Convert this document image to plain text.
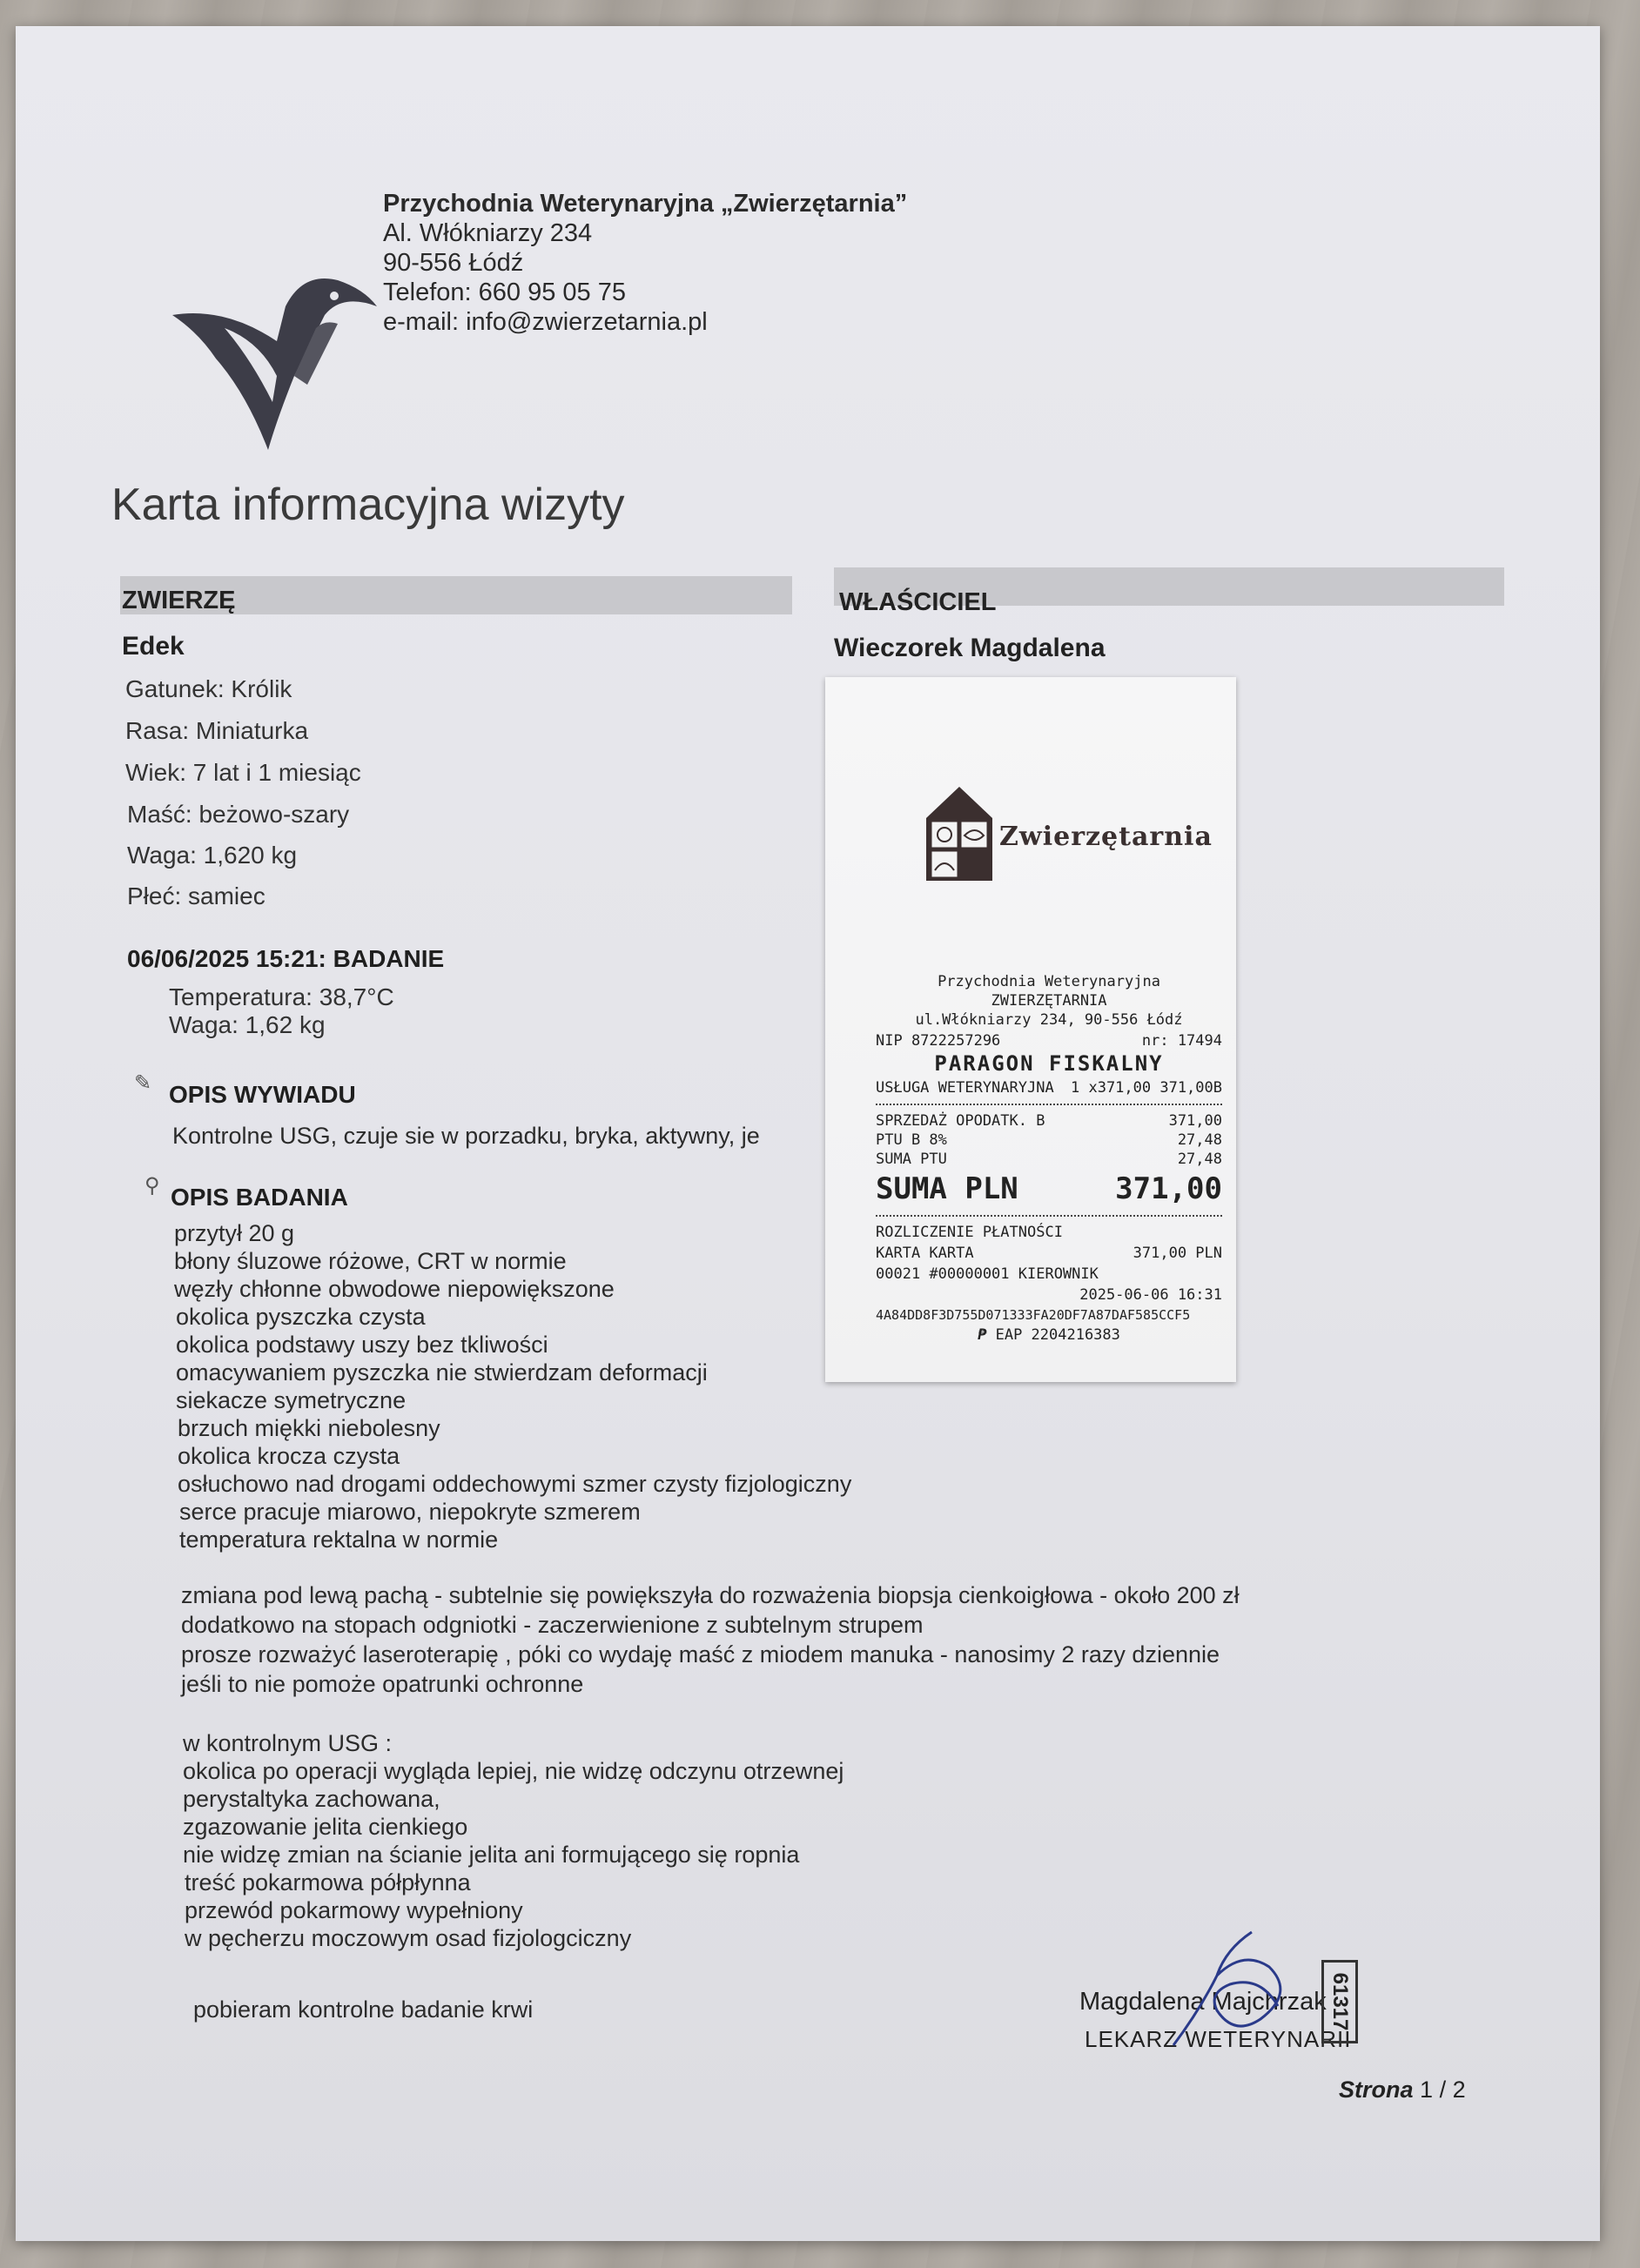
Przychodnia Weterynaryjna „Zwierzętarnia”
Al. Włókniarzy 234
90-556 Łódź
Telefon: 660 95 05 75
e-mail: info@zwierzetarnia.pl
Karta informacyjna wizyty
ZWIERZĘ	WŁAŚCICIEL
Edek
Gatunek: Królik
Rasa: Miniaturka
Wiek: 7 lat i 1 miesiąc
Maść: beżowo-szary
Waga: 1,620 kg
Płeć: samiec
Wieczorek Magdalena
06/06/2025 15:21: BADANIE
Temperatura: 38,7°C
Waga: 1,62 kg
✎ OPIS WYWIADU
Kontrolne USG, czuje sie w porzadku, bryka, aktywny, je
⚲ OPIS BADANIA
przytył 20 g
błony śluzowe różowe, CRT w normie
węzły chłonne obwodowe niepowiększone
okolica pyszczka czysta
okolica podstawy uszy bez tkliwości
omacywaniem pyszczka nie stwierdzam deformacji
siekacze symetryczne
brzuch miękki niebolesny
okolica krocza czysta
osłuchowo nad drogami oddechowymi szmer czysty fizjologiczny
serce pracuje miarowo, niepokryte szmerem
temperatura rektalna w normie
zmiana pod lewą pachą - subtelnie się powiększyła do rozważenia biopsja cienkoigłowa - około 200 zł
dodatkowo na stopach odgniotki - zaczerwienione z subtelnym strupem
prosze rozważyć laseroterapię , póki co wydaję maść z miodem manuka - nanosimy 2 razy dziennie
jeśli to nie pomoże opatrunki ochronne
w kontrolnym USG :
okolica po operacji wygląda lepiej, nie widzę odczynu otrzewnej
perystaltyka zachowana,
zgazowanie jelita cienkiego
nie widzę zmian na ścianie jelita ani formującego się ropnia
treść pokarmowa półpłynna
przewód pokarmowy wypełniony
w pęcherzu moczowym osad fizjologciczny
pobieram kontrolne badanie krwi	Magdalena Majchrzak
LEKARZ WETERYNARII
61317
Strona 1 / 2
Zwierzętarnia
Przychodnia Weterynaryjna
ZWIERZĘTARNIA
ul.Włókniarzy 234, 90-556 Łódź
NIP 8722257296	nr: 17494
PARAGON FISKALNY
USŁUGA WETERYNARYJNA 1 x371,00 371,00B
SPRZEDAŻ OPODATK. B	371,00
PTU B 8%	27,48
SUMA PTU	27,48
SUMA PLN	371,00
ROZLICZENIE PŁATNOŚCI
KARTA KARTA	371,00 PLN
00021 #00000001 KIEROWNIK
2025-06-06 16:31
4A84DD8F3D755D071333FA20DF7A87DAF585CCF5
₱ EAP 2204216383
